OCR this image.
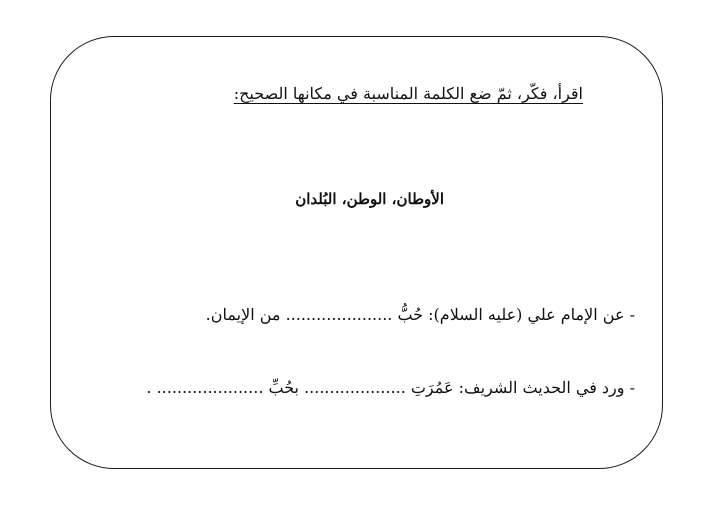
اقرأ، فكّر، ثمّ ضع الكلمة المناسبة في مكانها الصحيح:
الأوطان، الوطن، البُلدان
- عن الإمام علي (عليه السلام): حُبُّ ..................... من الإيمان.
- ورد في الحديث الشريف: عَمُرَتِ .................... بحُبِّ ..................... .
